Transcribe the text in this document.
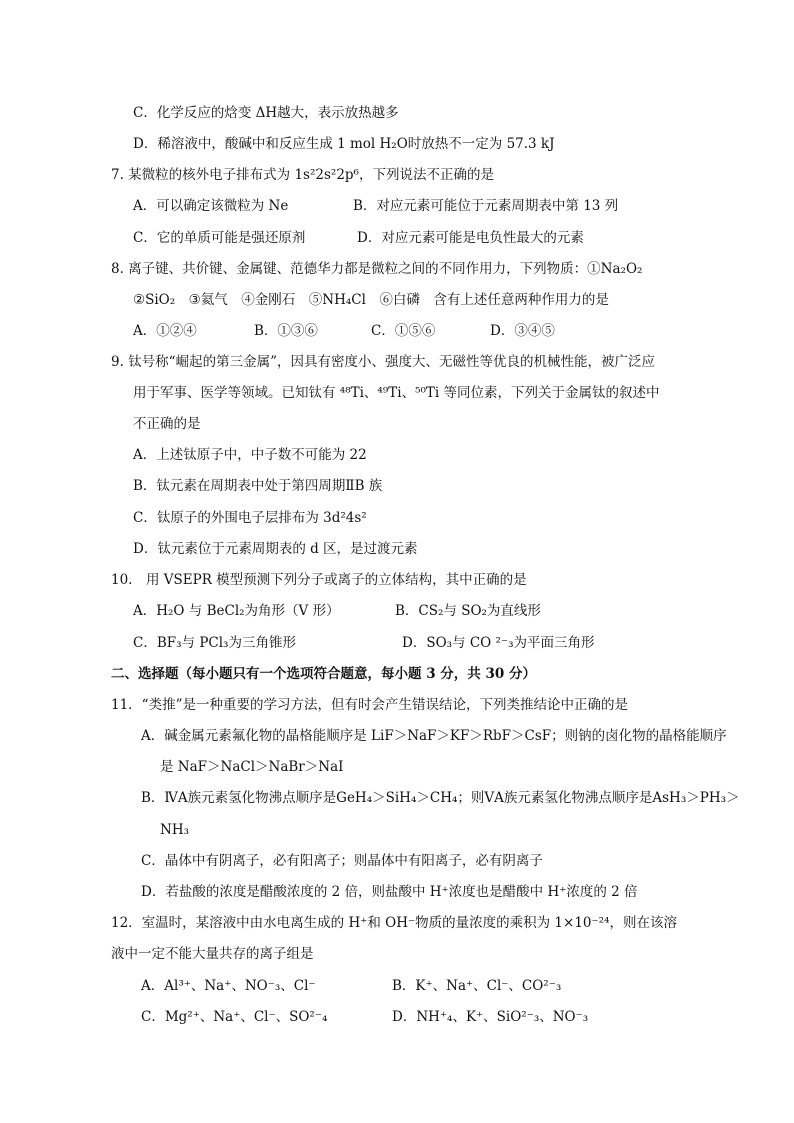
C．化学反应的焓变 ΔH越大，表示放热越多
D．稀溶液中，酸碱中和反应生成 1 mol H₂O时放热不一定为 57.3 kJ
7. 某微粒的核外电子排布式为 1s²2s²2p⁶，下列说法不正确的是
A．可以确定该微粒为 Ne	B．对应元素可能位于元素周期表中第 13 列
C．它的单质可能是强还原剂	D．对应元素可能是电负性最大的元素
8. 离子键、共价键、金属键、范德华力都是微粒之间的不同作用力，下列物质：①Na₂O₂
②SiO₂　③氦气　④金刚石　⑤NH₄Cl　⑥白磷　含有上述任意两种作用力的是
A．①②④	B．①③⑥	C．①⑤⑥	D．③④⑤
9. 钛号称“崛起的第三金属”，因具有密度小、强度大、无磁性等优良的机械性能，被广泛应
用于军事、医学等领域。已知钛有 ⁴⁸Ti、⁴⁹Ti、⁵⁰Ti 等同位素，下列关于金属钛的叙述中
不正确的是
A．上述钛原子中，中子数不可能为 22
B．钛元素在周期表中处于第四周期ⅡB 族
C．钛原子的外围电子层排布为 3d²4s²
D．钛元素位于元素周期表的 d 区，是过渡元素
10.　用 VSEPR 模型预测下列分子或离子的立体结构，其中正确的是
A．H₂O 与 BeCl₂为角形（V 形）	B．CS₂与 SO₂为直线形
C．BF₃与 PCl₃为三角锥形	D．SO₃与 CO ²⁻₃为平面三角形
二、选择题（每小题只有一个选项符合题意，每小题 3 分，共 30 分）
11．“类推”是一种重要的学习方法，但有时会产生错误结论，下列类推结论中正确的是
A．碱金属元素氟化物的晶格能顺序是 LiF＞NaF＞KF＞RbF＞CsF；则钠的卤化物的晶格能顺序
是 NaF＞NaCl＞NaBr＞NaI
B．ⅣA族元素氢化物沸点顺序是GeH₄＞SiH₄＞CH₄；则ⅤA族元素氢化物沸点顺序是AsH₃＞PH₃＞
NH₃
C．晶体中有阴离子，必有阳离子；则晶体中有阳离子，必有阴离子
D．若盐酸的浓度是醋酸浓度的 2 倍，则盐酸中 H⁺浓度也是醋酸中 H⁺浓度的 2 倍
12．室温时，某溶液中由水电离生成的 H⁺和 OH⁻物质的量浓度的乘积为 1×10⁻²⁴，则在该溶
液中一定不能大量共存的离子组是
A．Al³⁺、Na⁺、NO⁻₃、Cl⁻	B．K⁺、Na⁺、Cl⁻、CO²⁻₃
C．Mg²⁺、Na⁺、Cl⁻、SO²⁻₄	D．NH⁺₄、K⁺、SiO²⁻₃、NO⁻₃
